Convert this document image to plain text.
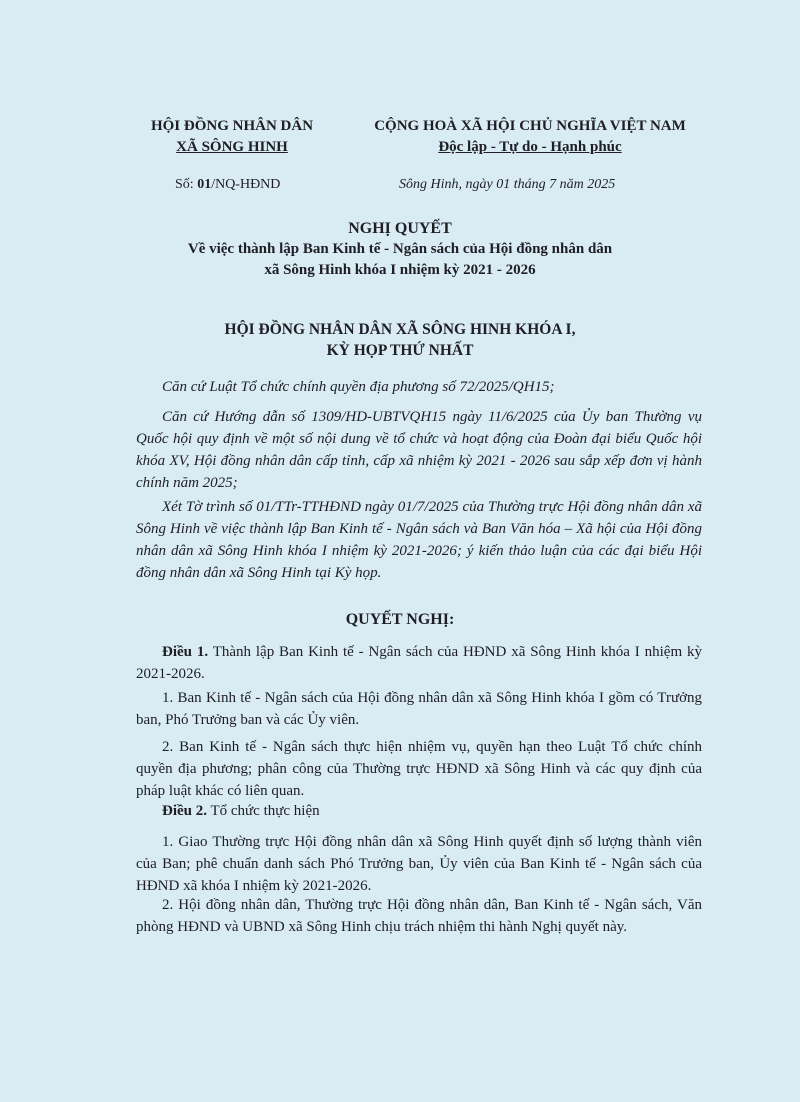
HỘI ĐỒNG NHÂN DÂN
XÃ SÔNG HINH
CỘNG HOÀ XÃ HỘI CHỦ NGHĨA VIỆT NAM
Độc lập - Tự do - Hạnh phúc
Số: 01/NQ-HĐND	Sông Hinh, ngày 01 tháng 7 năm 2025
NGHỊ QUYẾT
Về việc thành lập Ban Kinh tế - Ngân sách của Hội đồng nhân dân
xã Sông Hinh khóa I nhiệm kỳ 2021 - 2026
HỘI ĐỒNG NHÂN DÂN XÃ SÔNG HINH KHÓA I,
KỲ HỌP THỨ NHẤT
Căn cứ Luật Tổ chức chính quyền địa phương số 72/2025/QH15;
Căn cứ Hướng dẫn số 1309/HD-UBTVQH15 ngày 11/6/2025 của Ủy ban Thường vụ Quốc hội quy định về một số nội dung về tổ chức và hoạt động của Đoàn đại biểu Quốc hội khóa XV, Hội đồng nhân dân cấp tỉnh, cấp xã nhiệm kỳ 2021 - 2026 sau sắp xếp đơn vị hành chính năm 2025;
Xét Tờ trình số 01/TTr-TTHĐND ngày 01/7/2025 của Thường trực Hội đồng nhân dân xã Sông Hinh về việc thành lập Ban Kinh tế - Ngân sách và Ban Văn hóa – Xã hội của Hội đồng nhân dân xã Sông Hinh khóa I nhiệm kỳ 2021-2026; ý kiến thảo luận của các đại biểu Hội đồng nhân dân xã Sông Hinh tại Kỳ họp.
QUYẾT NGHỊ:
Điều 1. Thành lập Ban Kinh tế - Ngân sách của HĐND xã Sông Hinh khóa I nhiệm kỳ 2021-2026.
1. Ban Kinh tế - Ngân sách của Hội đồng nhân dân xã Sông Hinh khóa I gồm có Trưởng ban, Phó Trưởng ban và các Ủy viên.
2. Ban Kinh tế - Ngân sách thực hiện nhiệm vụ, quyền hạn theo Luật Tổ chức chính quyền địa phương; phân công của Thường trực HĐND xã Sông Hinh và các quy định của pháp luật khác có liên quan.
Điều 2. Tổ chức thực hiện
1. Giao Thường trực Hội đồng nhân dân xã Sông Hinh quyết định số lượng thành viên của Ban; phê chuẩn danh sách Phó Trưởng ban, Ủy viên của Ban Kinh tế - Ngân sách của HĐND xã khóa I nhiệm kỳ 2021-2026.
2. Hội đồng nhân dân, Thường trực Hội đồng nhân dân, Ban Kinh tế - Ngân sách, Văn phòng HĐND và UBND xã Sông Hinh chịu trách nhiệm thi hành Nghị quyết này.
